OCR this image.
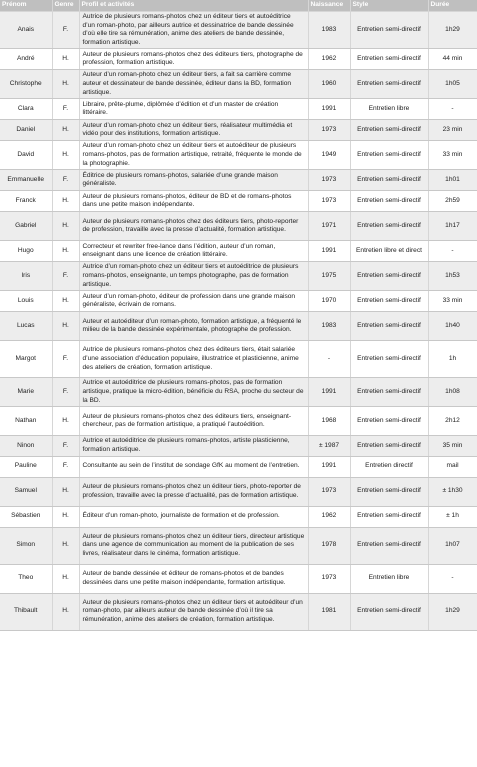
Prénom	Genre	Profil et activités	Naissance	Style	Durée
Anais	F.	Autrice de plusieurs romans-photos chez un éditeur tiers et autoéditrice d’un roman-photo, par ailleurs autrice et dessinatrice de bande dessinée d’où elle tire sa rémunération, anime des ateliers de bande dessinée, formation artistique.	1983	Entretien semi-directif	1h29
André	H.	Auteur de plusieurs romans-photos chez des éditeurs tiers, photographe de profession, formation artistique.	1962	Entretien semi-directif	44 min
Christophe	H.	Auteur d’un roman-photo chez un éditeur tiers, a fait sa carrière comme auteur et dessinateur de bande dessinée, éditeur dans la BD, formation artistique.	1960	Entretien semi-directif	1h05
Clara	F.	Libraire, prête-plume, diplômée d’édition et d’un master de création littéraire.	1991	Entretien libre	-
Daniel	H.	Auteur d’un roman-photo chez un éditeur tiers, réalisateur multimédia et vidéo pour des institutions, formation artistique.	1973	Entretien semi-directif	23 min
David	H.	Auteur d’un roman-photo chez un éditeur tiers et autoéditeur de plusieurs romans-photos, pas de formation artistique, retraité, fréquente le monde de la photographie.	1949	Entretien semi-directif	33 min
Emmanuelle	F.	Éditrice de plusieurs romans-photos, salariée d’une grande maison généraliste.	1973	Entretien semi-directif	1h01
Franck	H.	Auteur de plusieurs romans-photos, éditeur de BD et de romans-photos dans une petite maison indépendante.	1973	Entretien semi-directif	2h59
Gabriel	H.	Auteur de plusieurs romans-photos chez des éditeurs tiers, photo-reporter de profession, travaille avec la presse d’actualité, formation artistique.	1971	Entretien semi-directif	1h17
Hugo	H.	Correcteur et rewriter free-lance dans l’édition, auteur d’un roman, enseignant dans une licence de création littéraire.	1991	Entretien libre et direct	-
Iris	F.	Autrice d’un roman-photo chez un éditeur tiers et autoéditrice de plusieurs romans-photos, enseignante, un temps photographe, pas de formation artistique.	1975	Entretien semi-directif	1h53
Louis	H.	Auteur d’un roman-photo, éditeur de profession dans une grande maison généraliste, écrivain de romans.	1970	Entretien semi-directif	33 min
Lucas	H.	Auteur et autoéditeur d’un roman-photo, formation artistique, a fréquenté le milieu de la bande dessinée expérimentale, photographe de profession.	1983	Entretien semi-directif	1h40
Margot	F.	Autrice de plusieurs romans-photos chez des éditeurs tiers, était salariée d’une association d’éducation populaire, illustratrice et plasticienne, anime des ateliers de création, formation artistique.	-	Entretien semi-directif	1h
Marie	F.	Autrice et autoéditrice de plusieurs romans-photos, pas de formation artistique, pratique la micro-édition, bénéficie du RSA, proche du secteur de la BD.	1991	Entretien semi-directif	1h08
Nathan	H.	Auteur de plusieurs romans-photos chez des éditeurs tiers, enseignant-chercheur, pas de formation artistique, a pratiqué l’autoédition.	1968	Entretien semi-directif	2h12
Ninon	F.	Autrice et autoéditrice de plusieurs romans-photos, artiste plasticienne, formation artistique.	± 1987	Entretien semi-directif	35 min
Pauline	F.	Consultante au sein de l’institut de sondage GfK au moment de l’entretien.	1991	Entretien directif	mail
Samuel	H.	Auteur de plusieurs romans-photos chez un éditeur tiers, photo-reporter de profession, travaille avec la presse d’actualité, pas de formation artistique.	1973	Entretien semi-directif	± 1h30
Sébastien	H.	Éditeur d’un roman-photo, journaliste de formation et de profession.	1962	Entretien semi-directif	± 1h
Simon	H.	Auteur de plusieurs romans-photos chez un éditeur tiers, directeur artistique dans une agence de communication au moment de la publication de ses livres, réalisateur dans le cinéma, formation artistique.	1978	Entretien semi-directif	1h07
Theo	H.	Auteur de bande dessinée et éditeur de romans-photos et de bandes dessinées dans une petite maison indépendante, formation artistique.	1973	Entretien libre	-
Thibault	H.	Auteur de plusieurs romans-photos chez un éditeur tiers et autoéditeur d’un roman-photo, par ailleurs auteur de bande dessinée d’où il tire sa rémunération, anime des ateliers de création, formation artistique.	1981	Entretien semi-directif	1h29
